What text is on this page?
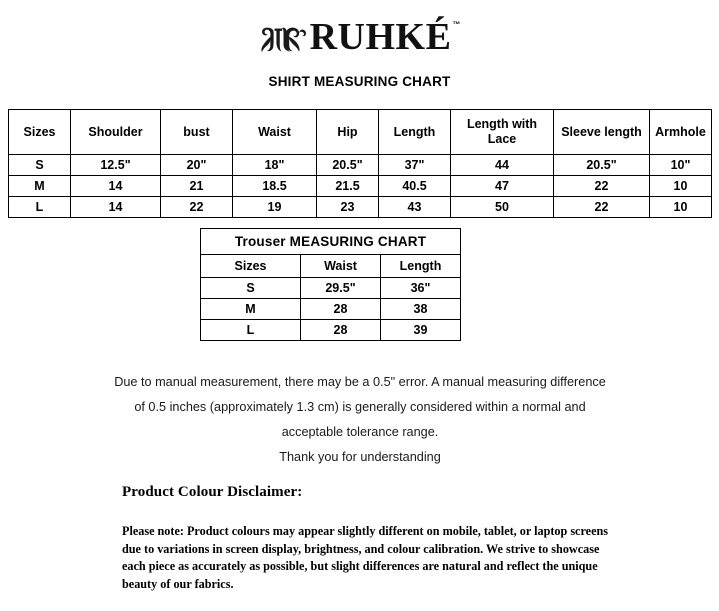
RUHKÉ ™
SHIRT MEASURING CHART
Sizes	Shoulder	bust	Waist	Hip	Length	Length with Lace	Sleeve length	Armhole
S	12.5"	20"	18"	20.5"	37"	44	20.5"	10"
M	14	21	18.5	21.5	40.5	47	22	10
L	14	22	19	23	43	50	22	10
Trouser MEASURING CHART		
Sizes	Waist	Length
S	29.5"	36"
M	28	38
L	28	39

Due to manual measurement, there may be a 0.5" error. A manual measuring difference

of 0.5 inches (approximately 1.3 cm) is generally considered within a normal and

acceptable tolerance range.

Thank you for understanding

Product Colour Disclaimer:

Please note: Product colours may appear slightly different on mobile, tablet, or laptop screens due to variations in screen display, brightness, and colour calibration. We strive to showcase each piece as accurately as possible, but slight differences are natural and reflect the unique beauty of our fabrics.
